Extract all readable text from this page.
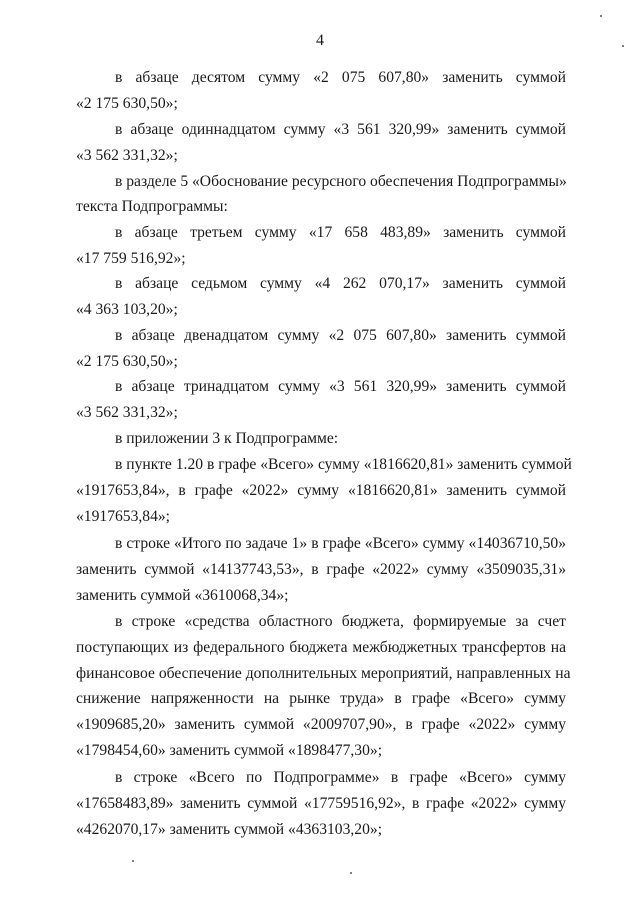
4
в абзаце десятом сумму «2 075 607,80» заменить суммой
«2 175 630,50»;
в абзаце одиннадцатом сумму «3 561 320,99» заменить суммой
«3 562 331,32»;
в разделе 5 «Обоснование ресурсного обеспечения Подпрограммы»
текста Подпрограммы:
в абзаце третьем сумму «17 658 483,89» заменить суммой
«17 759 516,92»;
в абзаце седьмом сумму «4 262 070,17» заменить суммой
«4 363 103,20»;
в абзаце двенадцатом сумму «2 075 607,80» заменить суммой
«2 175 630,50»;
в абзаце тринадцатом сумму «3 561 320,99» заменить суммой
«3 562 331,32»;
в приложении 3 к Подпрограмме:
в пункте 1.20 в графе «Всего» сумму «1816620,81» заменить суммой
«1917653,84», в графе «2022» сумму «1816620,81» заменить суммой
«1917653,84»;
в строке «Итого по задаче 1» в графе «Всего» сумму «14036710,50»
заменить суммой «14137743,53», в графе «2022» сумму «3509035,31»
заменить суммой «3610068,34»;
в строке «средства областного бюджета, формируемые за счет
поступающих из федерального бюджета межбюджетных трансфертов на
финансовое обеспечение дополнительных мероприятий, направленных на
снижение напряженности на рынке труда» в графе «Всего» сумму
«1909685,20» заменить суммой «2009707,90», в графе «2022» сумму
«1798454,60» заменить суммой «1898477,30»;
в строке «Всего по Подпрограмме» в графе «Всего» сумму
«17658483,89» заменить суммой «17759516,92», в графе «2022» сумму
«4262070,17» заменить суммой «4363103,20»;
